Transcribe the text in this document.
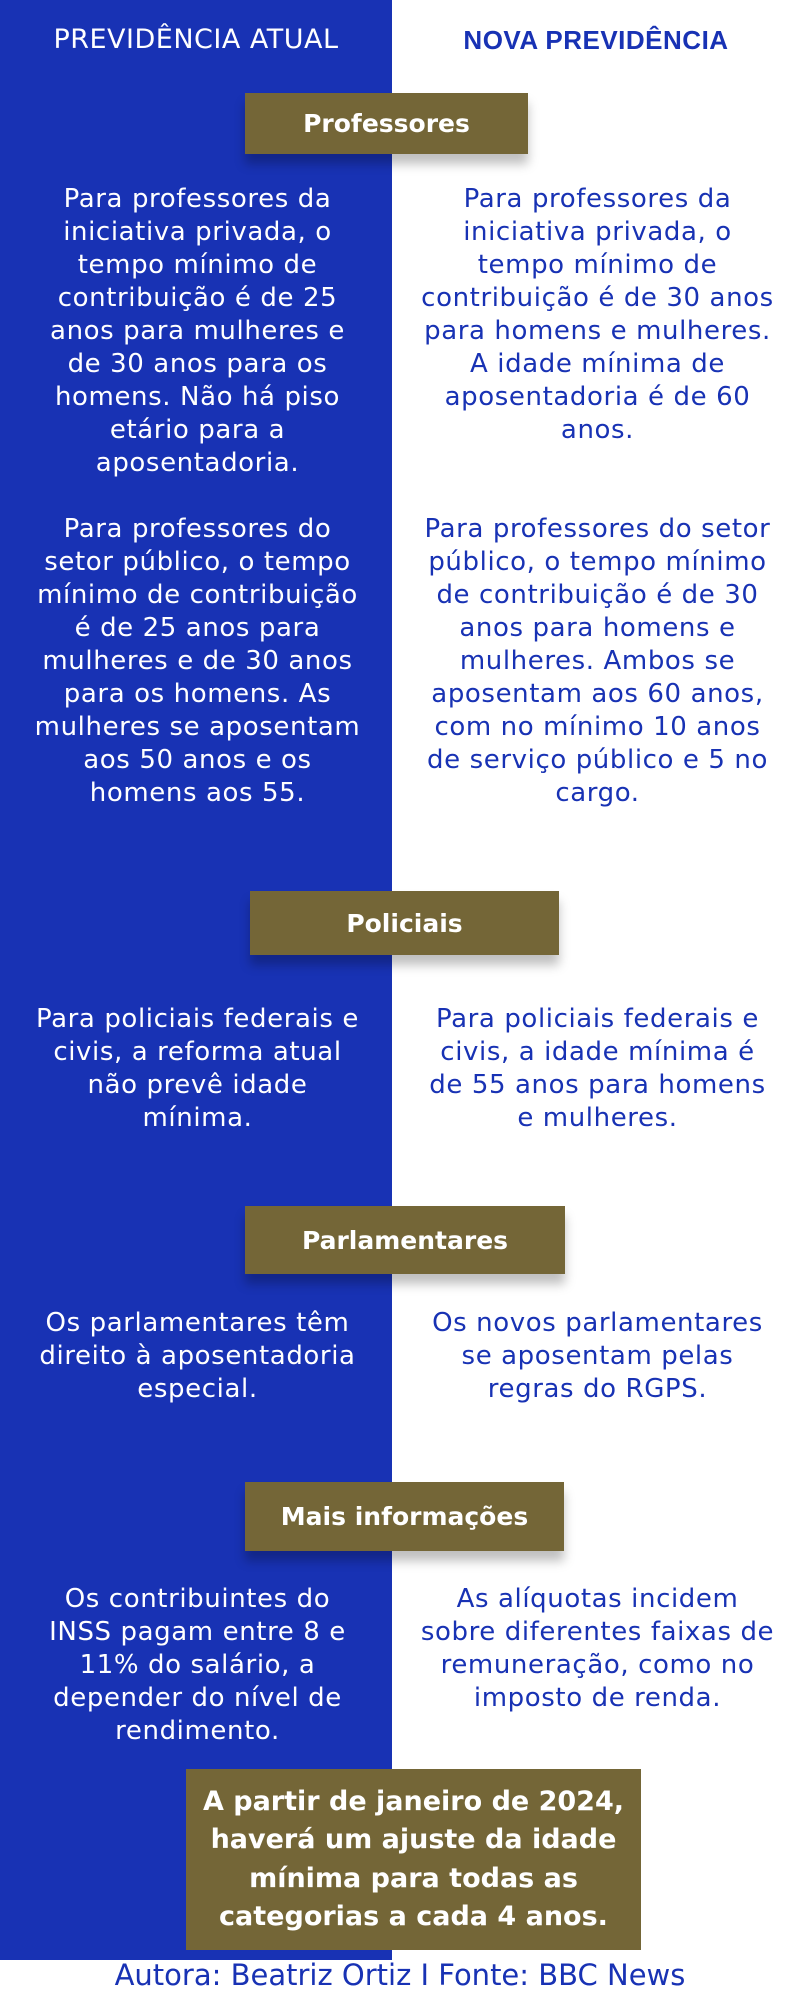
PREVIDÊNCIA ATUAL	NOVA PREVIDÊNCIA
Professores
Para professores da iniciativa privada, o tempo mínimo de contribuição é de 25 anos para mulheres e de 30 anos para os homens. Não há piso etário para a aposentadoria.
Para professores da iniciativa privada, o tempo mínimo de contribuição é de 30 anos para homens e mulheres. A idade mínima de aposentadoria é de 60 anos.
Para professores do setor público, o tempo mínimo de contribuição é de 25 anos para mulheres e de 30 anos para os homens. As mulheres se aposentam aos 50 anos e os homens aos 55.
Para professores do setor público, o tempo mínimo de contribuição é de 30 anos para homens e mulheres. Ambos se aposentam aos 60 anos, com no mínimo 10 anos de serviço público e 5 no cargo.
Policiais
Para policiais federais e civis, a reforma atual não prevê idade mínima.
Para policiais federais e civis, a idade mínima é de 55 anos para homens e mulheres.
Parlamentares
Os parlamentares têm direito à aposentadoria especial.
Os novos parlamentares se aposentam pelas regras do RGPS.
Mais informações
Os contribuintes do INSS pagam entre 8 e 11% do salário, a depender do nível de rendimento.
As alíquotas incidem sobre diferentes faixas de remuneração, como no imposto de renda.
A partir de janeiro de 2024, haverá um ajuste da idade mínima para todas as categorias a cada 4 anos.
Autora: Beatriz Ortiz I Fonte: BBC News
